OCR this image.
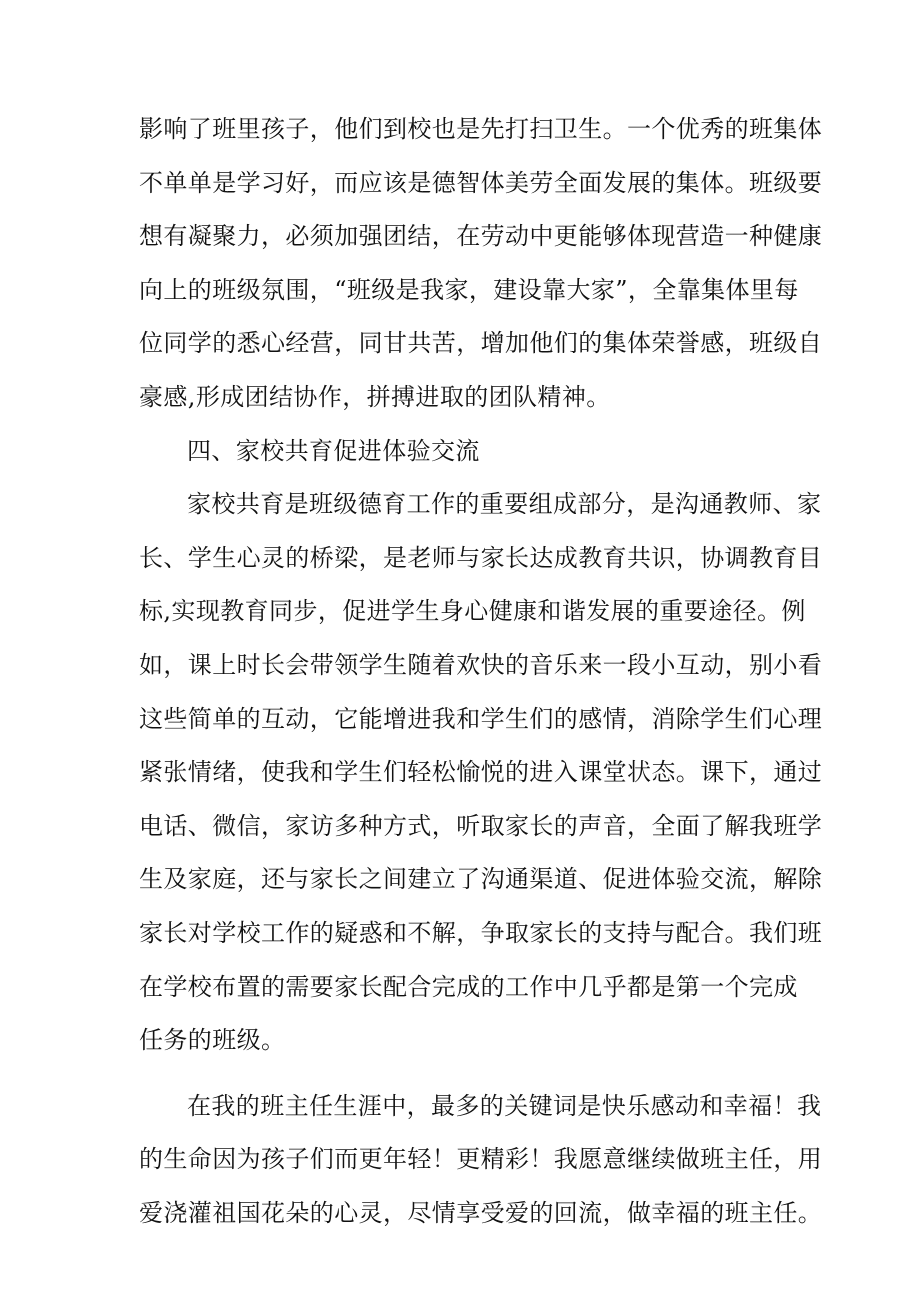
影响了班里孩子，他们到校也是先打扫卫生。一个优秀的班集体
不单单是学习好，而应该是德智体美劳全面发展的集体。班级要
想有凝聚力，必须加强团结，在劳动中更能够体现营造一种健康
向上的班级氛围，“班级是我家，建设靠大家”，全靠集体里每
位同学的悉心经营，同甘共苦，增加他们的集体荣誉感，班级自
豪感,形成团结协作，拼搏进取的团队精神。
四、家校共育促进体验交流
家校共育是班级德育工作的重要组成部分，是沟通教师、家
长、学生心灵的桥梁，是老师与家长达成教育共识，协调教育目
标,实现教育同步，促进学生身心健康和谐发展的重要途径。例
如，课上时长会带领学生随着欢快的音乐来一段小互动，别小看
这些简单的互动，它能增进我和学生们的感情，消除学生们心理
紧张情绪，使我和学生们轻松愉悦的进入课堂状态。课下，通过
电话、微信，家访多种方式，听取家长的声音，全面了解我班学
生及家庭，还与家长之间建立了沟通渠道、促进体验交流，解除
家长对学校工作的疑惑和不解，争取家长的支持与配合。我们班
在学校布置的需要家长配合完成的工作中几乎都是第一个完成
任务的班级。
在我的班主任生涯中，最多的关键词是快乐感动和幸福！我
的生命因为孩子们而更年轻！更精彩！我愿意继续做班主任，用
爱浇灌祖国花朵的心灵，尽情享受爱的回流，做幸福的班主任。
